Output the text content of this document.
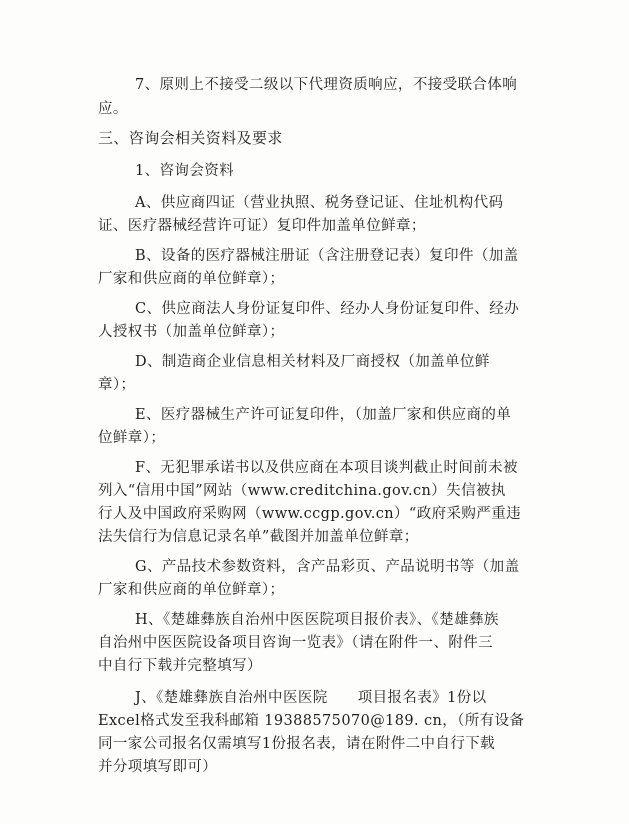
7、原则上不接受二级以下代理资质响应，不接受联合体响
应。
三、咨询会相关资料及要求
1、咨询会资料
A、供应商四证（营业执照、税务登记证、住址机构代码
证、医疗器械经营许可证）复印件加盖单位鲜章；
B、设备的医疗器械注册证（含注册登记表）复印件（加盖
厂家和供应商的单位鲜章）；
C、供应商法人身份证复印件、经办人身份证复印件、经办
人授权书（加盖单位鲜章）；
D、制造商企业信息相关材料及厂商授权（加盖单位鲜
章）；
E、医疗器械生产许可证复印件，（加盖厂家和供应商的单
位鲜章）；
F、无犯罪承诺书以及供应商在本项目谈判截止时间前未被
列入“信用中国”网站（www.creditchina.gov.cn）失信被执
行人及中国政府采购网（www.ccgp.gov.cn）“政府采购严重违
法失信行为信息记录名单”截图并加盖单位鲜章；
G、产品技术参数资料，含产品彩页、产品说明书等（加盖
厂家和供应商的单位鲜章）；
H、《楚雄彝族自治州中医医院项目报价表》、《楚雄彝族
自治州中医医院设备项目咨询一览表》（请在附件一、附件三
中自行下载并完整填写）
J、《楚雄彝族自治州中医医院      项目报名表》1份以
Excel格式发至我科邮箱 19388575070@189. cn，（所有设备
同一家公司报名仅需填写1份报名表，请在附件二中自行下载
并分项填写即可）
